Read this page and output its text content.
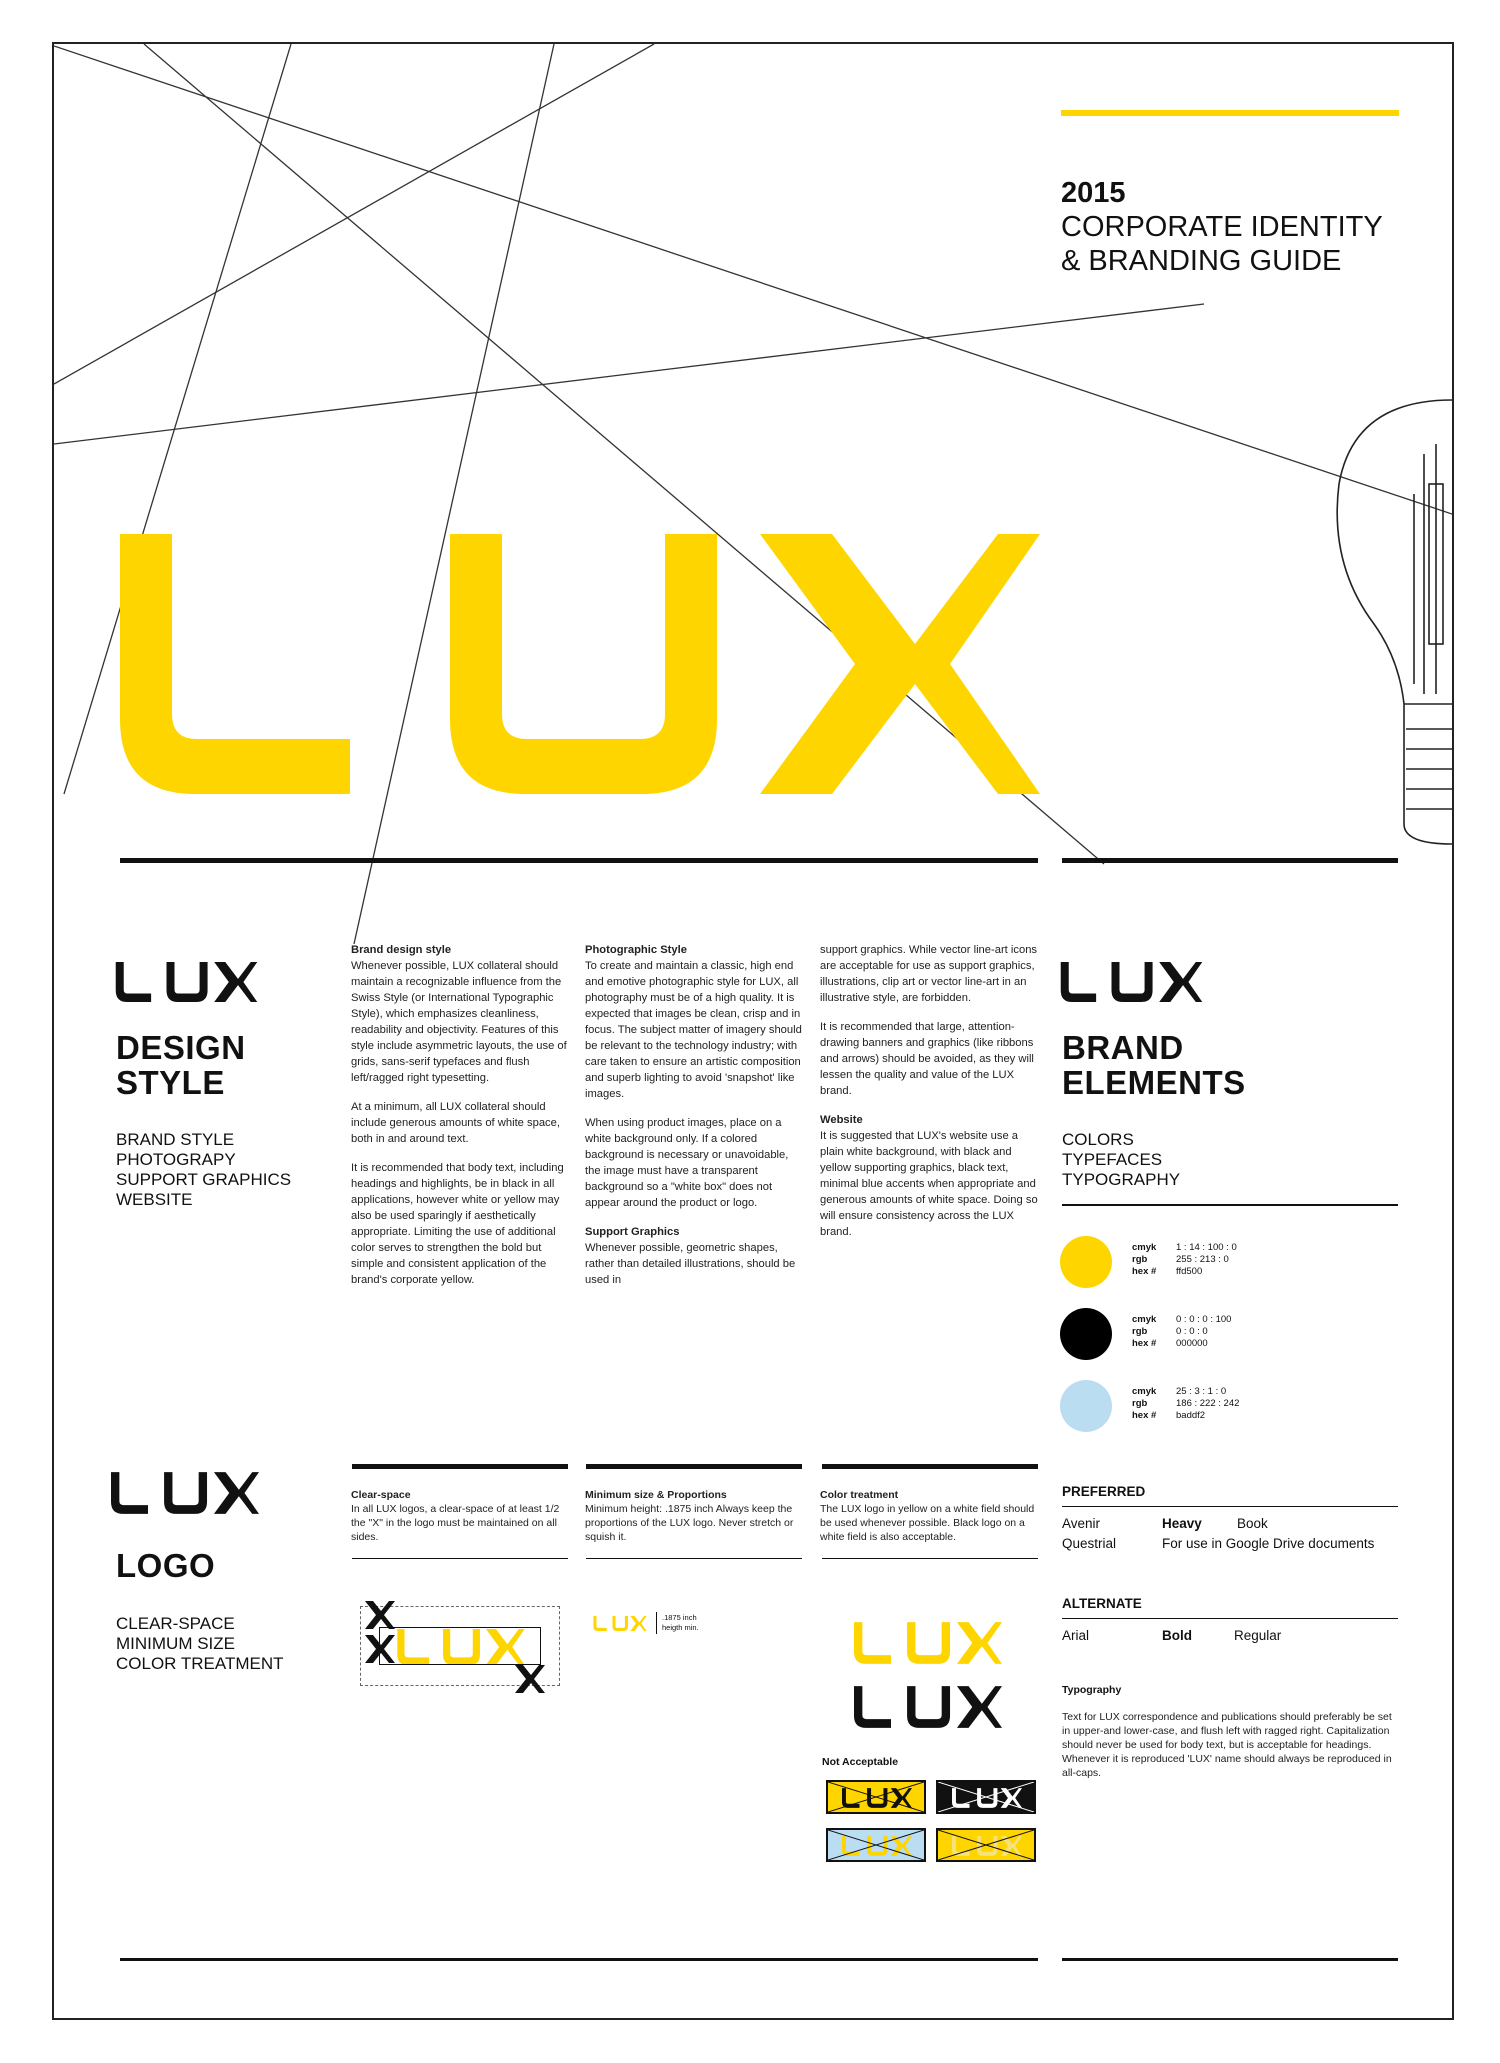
2015
CORPORATE IDENTITY
& BRANDING GUIDE
DESIGN
STYLE
BRAND STYLE
PHOTOGRAPY
SUPPORT GRAPHICS
WEBSITE

Brand design style
Whenever possible, LUX collateral should maintain a recognizable influence from the Swiss Style (or International Typographic Style), which emphasizes cleanliness, readability and objectivity. Features of this style include asymmetric layouts, the use of grids, sans-serif typefaces and flush left/ragged right typesetting.

At a minimum, all LUX collateral should include generous amounts of white space, both in and around text.

It is recommended that body text, including headings and highlights, be in black in all applications, however white or yellow may also be used sparingly if aesthetically appropriate. Limiting the use of additional color serves to strengthen the bold but simple and consistent application of the brand's corporate yellow.

Photographic Style
To create and maintain a classic, high end and emotive photographic style for LUX, all photography must be of a high quality. It is expected that images be clean, crisp and in focus. The subject matter of imagery should be relevant to the technology industry; with care taken to ensure an artistic composition and superb lighting to avoid 'snapshot' like images.

When using product images, place on a white background only. If a colored background is necessary or unavoidable, the image must have a transparent background so a "white box" does not appear around the product or logo.

Support Graphics
Whenever possible, geometric shapes, rather than detailed illustrations, should be used in

support graphics. While vector line-art icons are acceptable for use as support graphics, illustrations, clip art or vector line-art in an illustrative style, are forbidden.

It is recommended that large, attention-drawing banners and graphics (like ribbons and arrows) should be avoided, as they will lessen the quality and value of the LUX brand.

Website
It is suggested that LUX's website use a plain white background, with black and yellow supporting graphics, black text, minimal blue accents when appropriate and generous amounts of white space. Doing so will ensure consistency across the LUX brand.

BRAND
ELEMENTS
COLORS
TYPEFACES
TYPOGRAPHY
cmyk 1 : 14 : 100 : 0
rgb	255 : 213 : 0
hex # ffd500
cmyk 0 : 0 : 0 : 100
rgb	0 : 0 : 0
hex # 000000
cmyk 25 : 3 : 1 : 0
rgb	186 : 222 : 242
hex # baddf2
LOGO
CLEAR-SPACE
MINIMUM SIZE
COLOR TREATMENT
Clear-space
In all LUX logos, a clear-space of at least 1/2 the "X" in the logo must be maintained on all sides.
Minimum size & Proportions
Minimum height: .1875 inch Always keep the proportions of the LUX logo. Never stretch or squish it.
.1875 inch
heigth min.
Color treatment
The LUX logo in yellow on a white field should be used whenever possible. Black logo on a white field is also acceptable.
Not Acceptable
PREFERRED
Avenir	Heavy	Book
Questrial	For use in Google Drive documents
ALTERNATE
Arial	Bold	Regular
Typography
Text for LUX correspondence and publications should preferably be set in upper-and lower-case, and flush left with ragged right. Capitalization should never be used for body text, but is acceptable for headings. Whenever it is reproduced 'LUX' name should always be reproduced in all-caps.
